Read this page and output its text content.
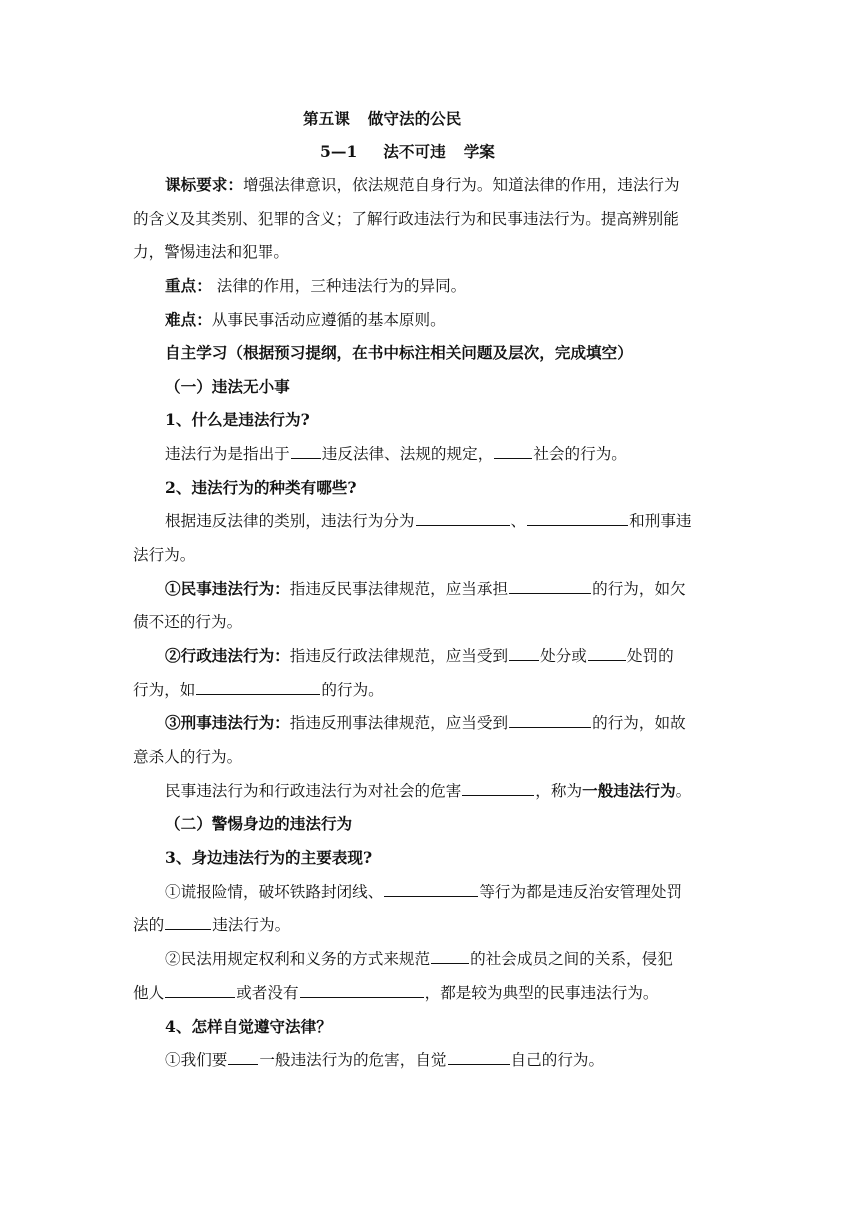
第五课 做守法的公民
5—1 法不可违 学案
课标要求：增强法律意识，依法规范自身行为。知道法律的作用，违法行为
的含义及其类别、犯罪的含义；了解行政违法行为和民事违法行为。提高辨别能
力，警惕违法和犯罪。
重点： 法律的作用，三种违法行为的异同。
难点：从事民事活动应遵循的基本原则。
自主学习（根据预习提纲，在书中标注相关问题及层次，完成填空）
（一）违法无小事
1、什么是违法行为?
违法行为是指出于 违反法律、法规的规定，	社会的行为。
2、违法行为的种类有哪些?
根据违反法律的类别，违法行为分为	、	和刑事违
法行为。
①民事违法行为：指违反民事法律规范，应当承担	的行为，如欠
债不还的行为。
②行政违法行为：指违反行政法律规范，应当受到 处分或	处罚的
行为，如	的行为。
③刑事违法行为：指违反刑事法律规范，应当受到	的行为，如故
意杀人的行为。
民事违法行为和行政违法行为对社会的危害	，称为一般违法行为。
（二）警惕身边的违法行为
3、身边违法行为的主要表现?
①谎报险情，破坏铁路封闭线、	等行为都是违反治安管理处罚
法的	违法行为。
②民法用规定权利和义务的方式来规范	的社会成员之间的关系，侵犯
他人	或者没有	，都是较为典型的民事违法行为。
4、怎样自觉遵守法律？
①我们要 一般违法行为的危害，自觉	自己的行为。
